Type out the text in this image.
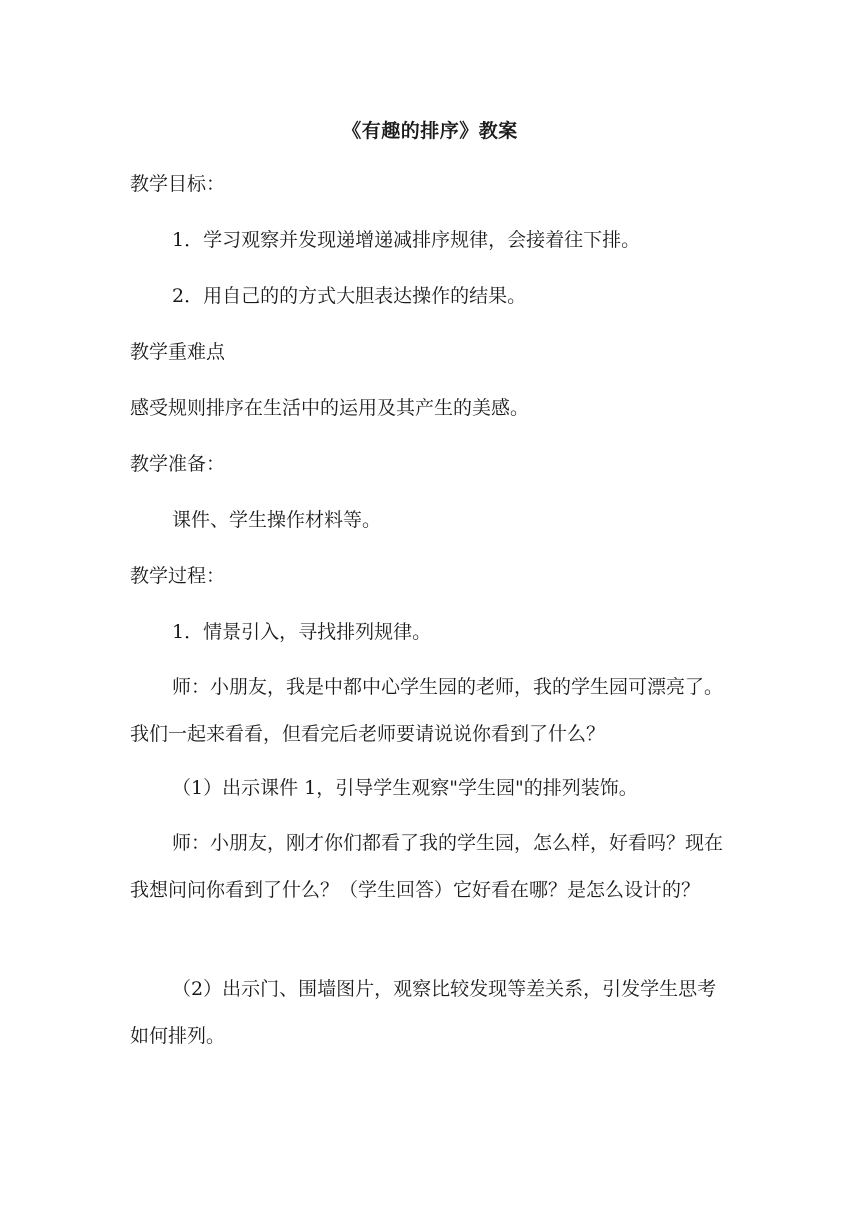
《有趣的排序》教案
教学目标：
1．学习观察并发现递增递减排序规律，会接着往下排。
2．用自己的的方式大胆表达操作的结果。
教学重难点
感受规则排序在生活中的运用及其产生的美感。
教学准备：
课件、学生操作材料等。
教学过程：
1．情景引入，寻找排列规律。
师：小朋友，我是中都中心学生园的老师，我的学生园可漂亮了。我们一起来看看，但看完后老师要请说说你看到了什么？
（1）出示课件 1，引导学生观察"学生园"的排列装饰。
师：小朋友，刚才你们都看了我的学生园，怎么样，好看吗？现在我想问问你看到了什么？（学生回答）它好看在哪？是怎么设计的？
（2）出示门、围墙图片，观察比较发现等差关系，引发学生思考如何排列。
